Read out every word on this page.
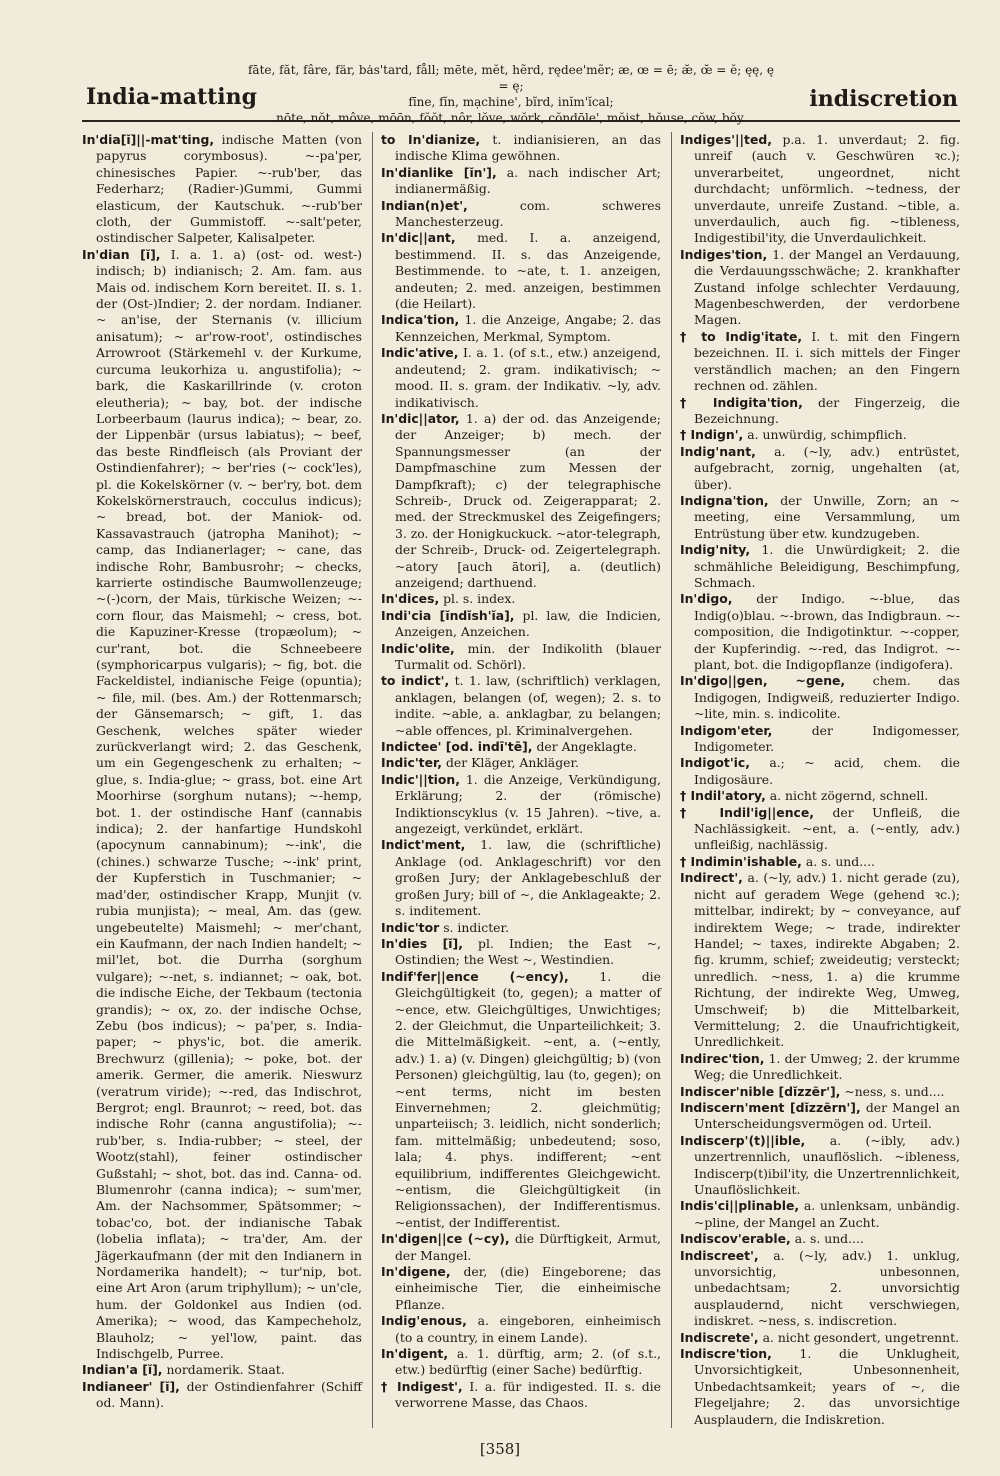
India-matting
fāte, făt, fâre, fär, bȧs'tard, fåll; mēte, mĕt, hẽrd, rędee'mẽr; æ, œ = ē; æ̆, œ̆ = ĕ; ęę, ę = ę;
fīne, fĭn, mạchine', bĩrd, inĭm'ĭcal;
nōte, nŏt, môve, mōōn, fŏŏt, nôr, lŏve, wŏrk, cŏndōle', mŏist, hŏuse, cŏw, bŏy.
indiscretion

In'dia[ĭ]||-mat'ting, indische Matten (von papyrus corymbosus). ~-pa'per, chinesisches Papier. ~-rub'ber, das Federharz; (Radier-)Gummi, Gummi elasticum, der Kautschuk. ~-rub'ber cloth, der Gummistoff. ~-salt'peter, ostindischer Salpeter, Kalisalpeter.

In'dian [ĭ], I. a. 1. a) (ost- od. west-) indisch; b) indianisch; 2. Am. fam. aus Mais od. indischem Korn bereitet. II. s. 1. der (Ost-)Indier; 2. der nordam. Indianer. ~ an'ise, der Sternanis (v. illicium anisatum); ~ ar'row-root', ostindisches Arrowroot (Stärkemehl v. der Kurkume, curcuma leukorhiza u. angustifolia); ~ bark, die Kaskarillrinde (v. croton eleutheria); ~ bay, bot. der indische Lorbeerbaum (laurus indica); ~ bear, zo. der Lippenbär (ursus labiatus); ~ beef, das beste Rindfleisch (als Proviant der Ostindienfahrer); ~ ber'ries (~ cock'les), pl. die Kokelskörner (v. ~ ber'ry, bot. dem Kokelskörnerstrauch, cocculus indicus); ~ bread, bot. der Maniok- od. Kassavastrauch (jatropha Manihot); ~ camp, das Indianerlager; ~ cane, das indische Rohr, Bambusrohr; ~ checks, karrierte ostindische Baumwollenzeuge; ~(-)corn, der Mais, türkische Weizen; ~-corn flour, das Maismehl; ~ cress, bot. die Kapuziner-Kresse (tropæolum); ~ cur'rant, bot. die Schneebeere (symphoricarpus vulgaris); ~ fig, bot. die Fackeldistel, indianische Feige (opuntia); ~ file, mil. (bes. Am.) der Rottenmarsch; der Gänsemarsch; ~ gift, 1. das Geschenk, welches später wieder zurückverlangt wird; 2. das Geschenk, um ein Gegengeschenk zu erhalten; ~ glue, s. India-glue; ~ grass, bot. eine Art Moorhirse (sorghum nutans); ~-hemp, bot. 1. der ostindische Hanf (cannabis indica); 2. der hanfartige Hundskohl (apocynum cannabinum); ~-ink', die (chines.) schwarze Tusche; ~-ink' print, der Kupferstich in Tuschmanier; ~ mad'der, ostindischer Krapp, Munjit (v. rubia munjista); ~ meal, Am. das (gew. ungebeutelte) Maismehl; ~ mer'chant, ein Kaufmann, der nach Indien handelt; ~ mil'let, bot. die Durrha (sorghum vulgare); ~-net, s. indiannet; ~ oak, bot. die indische Eiche, der Tekbaum (tectonia grandis); ~ ox, zo. der indische Ochse, Zebu (bos indicus); ~ pa'per, s. India-paper; ~ phys'ic, bot. die amerik. Brechwurz (gillenia); ~ poke, bot. der amerik. Germer, die amerik. Nieswurz (veratrum viride); ~-red, das Indischrot, Bergrot; engl. Braunrot; ~ reed, bot. das indische Rohr (canna angustifolia); ~-rub'ber, s. India-rubber; ~ steel, der Wootz(stahl), feiner ostindischer Gußstahl; ~ shot, bot. das ind. Canna- od. Blumenrohr (canna indica); ~ sum'mer, Am. der Nachsommer, Spätsommer; ~ tobac'co, bot. der indianische Tabak (lobelia inflata); ~ tra'der, Am. der Jägerkaufmann (der mit den Indianern in Nordamerika handelt); ~ tur'nip, bot. eine Art Aron (arum triphyllum); ~ un'cle, hum. der Goldonkel aus Indien (od. Amerika); ~ wood, das Kampecheholz, Blauholz; ~ yel'low, paint. das Indischgelb, Purree.

Indian'a [ĭ], nordamerik. Staat.

Indianeer' [ĭ], der Ostindienfahrer (Schiff od. Mann).

to In'dianize, t. indianisieren, an das indische Klima gewöhnen.

In'dianlike [ĭn'], a. nach indischer Art; indianermäßig.

Indian(n)et',	com. schweres Manchesterzeug.

In'dic||ant, med. I. a. anzeigend, bestimmend. II. s. das Anzeigende, Bestimmende. to ~ate, t. 1. anzeigen, andeuten; 2. med. anzeigen, bestimmen (die Heilart).

Indica'tion, 1. die Anzeige, Angabe; 2. das Kennzeichen, Merkmal, Symptom.

Indic'ative, I. a. 1. (of s.t., etw.) anzeigend, andeutend; 2. gram. indikativisch; ~ mood. II. s. gram. der Indikativ. ~ly, adv. indikativisch.

In'dic||ator, 1. a) der od. das Anzeigende; der Anzeiger; b) mech. der Spannungsmesser (an der Dampfmaschine zum Messen der Dampfkraft); c) der telegraphische Schreib-, Druck od. Zeigerapparat; 2. med. der Streckmuskel des Zeigefingers; 3. zo. der Honigkuckuck. ~ator-telegraph, der Schreib-, Druck- od. Zeigertelegraph. ~atory [auch ātori], a. (deutlich) anzeigend; darthuend.

In'dices, pl. s. index.

Indi'cia [ĭndĭsh'ĭa], pl. law, die Indicien, Anzeigen, Anzeichen.

Indic'olite, min. der Indikolith (blauer Turmalit od. Schörl).

to indict', t. 1. law, (schriftlich) verklagen, anklagen, belangen (of, wegen); 2. s. to indite. ~able, a. anklagbar, zu belangen; ~able offences, pl. Kriminalvergehen.

Indictee' [od. indī'tē], der Angeklagte.

Indic'ter, der Kläger, Ankläger.

Indic'||tion, 1. die Anzeige, Verkündigung, Erklärung; 2. der (römische) Indiktionscyklus (v. 15 Jahren). ~tive, a. angezeigt, verkündet, erklärt.

Indict'ment, 1. law, die (schriftliche) Anklage (od. Anklageschrift) vor den großen Jury; der Anklagebeschluß der großen Jury; bill of ~, die Anklageakte; 2. s. inditement.

Indic'tor s. indicter.

In'dies [ĭ], pl. Indien; the East ~, Ostindien; the West ~, Westindien.

Indif'fer||ence (~ency), 1. die Gleichgültigkeit (to, gegen); a matter of ~ence, etw. Gleichgültiges, Unwichtiges; 2. der Gleichmut, die Unparteilichkeit; 3. die Mittelmäßigkeit. ~ent, a. (~ently, adv.) 1. a) (v. Dingen) gleichgültig; b) (von Personen) gleichgültig, lau (to, gegen); on ~ent terms, nicht im besten Einvernehmen; 2. gleichmütig; unparteiisch; 3. leidlich, nicht sonderlich; fam. mittelmäßig; unbedeutend; soso, lala; 4. phys. indifferent; ~ent equilibrium, indifferentes Gleichgewicht. ~entism, die Gleichgültigkeit (in Religionssachen), der Indifferentismus. ~entist, der Indifferentist.

In'digen||ce (~cy), die Dürftigkeit, Armut, der Mangel.

In'digene, der, (die) Eingeborene; das einheimische Tier, die einheimische Pflanze.

Indig'enous, a. eingeboren, einheimisch (to a country, in einem Lande).

In'digent, a. 1. dürftig, arm; 2. (of s.t., etw.) bedürftig (einer Sache) bedürftig.

† Indigest', I. a. für indigested. II. s. die verworrene Masse, das Chaos.

Indiges'||ted, p.a. 1. unverdaut; 2. fig. unreif (auch v. Geschwüren ꝛc.); unverarbeitet, ungeordnet, nicht durchdacht; unförmlich. ~tedness, der unverdaute, unreife Zustand. ~tible, a. unverdaulich, auch fig. ~tibleness, Indigestibil'ity, die Unverdaulichkeit.

Indiges'tion, 1. der Mangel an Verdauung, die Verdauungsschwäche; 2. krankhafter Zustand infolge schlechter Verdauung, Magenbeschwerden, der verdorbene Magen.

† to Indig'itate, I. t. mit den Fingern bezeichnen. II. i. sich mittels der Finger verständlich machen; an den Fingern rechnen od. zählen.

† Indigita'tion, der Fingerzeig, die Bezeichnung.

† Indign', a. unwürdig, schimpflich.

Indig'nant, a. (~ly, adv.) entrüstet, aufgebracht, zornig, ungehalten (at, über).

Indigna'tion, der Unwille, Zorn; an ~ meeting, eine Versammlung, um Entrüstung über etw. kundzugeben.

Indig'nity, 1. die Unwürdigkeit; 2. die schmähliche Beleidigung, Beschimpfung, Schmach.

In'digo, der Indigo. ~-blue, das Indig(o)blau. ~-brown, das Indigbraun. ~-composition, die Indigotinktur. ~-copper, der Kupferindig. ~-red, das Indigrot. ~-plant, bot. die Indigopflanze (indigofera).

In'digo||gen, ~gene, chem. das Indigogen, Indigweiß, reduzierter Indigo. ~lite, min. s. indicolite.

Indigom'eter,	der Indigomesser, Indigometer.

Indigot'ic, a.; ~ acid, chem. die Indigosäure.

† Indil'atory, a. nicht zögernd, schnell.

† Indil'ig||ence, der Unfleiß, die Nachlässigkeit. ~ent, a. (~ently, adv.) unfleißig, nachlässig.

† Indimin'ishable, a. s. und....

Indirect', a. (~ly, adv.) 1. nicht gerade (zu), nicht auf geradem Wege (gehend ꝛc.); mittelbar, indirekt; by ~ conveyance, auf indirektem Wege; ~ trade, indirekter Handel; ~ taxes, indirekte Abgaben; 2. fig. krumm, schief; zweideutig; versteckt; unredlich. ~ness, 1. a) die krumme Richtung, der indirekte Weg, Umweg, Umschweif; b) die Mittelbarkeit, Vermittelung; 2. die Unaufrichtigkeit, Unredlichkeit.

Indirec'tion, 1. der Umweg; 2. der krumme Weg; die Unredlichkeit.

Indiscer'nible [dĭzzẽr'], ~ness, s. und....

Indiscern'ment [dĭzzẽrn'], der Mangel an Unterscheidungsvermögen od. Urteil.

Indiscerp'(t)||ible, a. (~ibly, adv.) unzertrennlich, unauflöslich. ~ibleness, Indiscerp(t)ibil'ity, die Unzertrennlichkeit, Unauflöslichkeit.

Indis'ci||plinable, a. unlenksam, unbändig. ~pline, der Mangel an Zucht.

Indiscov'erable, a. s. und....

Indiscreet', a. (~ly, adv.) 1. unklug, unvorsichtig, unbesonnen, unbedachtsam; 2. unvorsichtig ausplaudernd, nicht verschwiegen, indiskret. ~ness, s. indiscretion.

Indiscrete', a. nicht gesondert, ungetrennt.

Indiscre'tion, 1. die Unklugheit, Unvorsichtigkeit, Unbesonnenheit, Unbedachtsamkeit; years of ~, die Flegeljahre; 2. das unvorsichtige Ausplaudern, die Indiskretion.

[358]
